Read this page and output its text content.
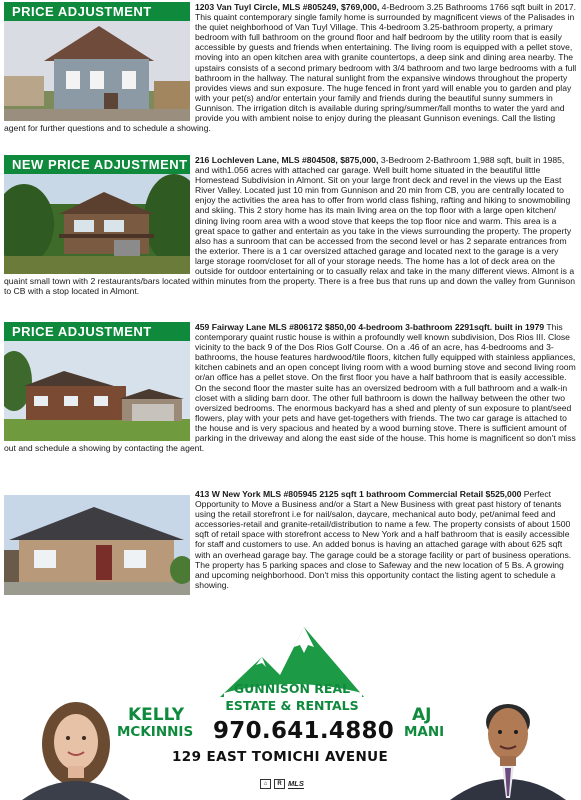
PRICE ADJUSTMENT	1203 Van Tuyl Circle, MLS #805249, $769,000, 4-Bedroom 3.25 Bathrooms 1766 sqft built in 2017. This quaint contemporary single family home is surrounded by magnificent views of the Palisades in the quiet neighborhood of Van Tuyl Village. This 4-bedroom 3.25-bathroom property, a primary bedroom with full bathroom on the ground floor and half bedroom by the utility room that is easily accessible by guests and friends when entertaining. The living room is equipped with a pellet stove, moving into an open kitchen area with granite countertops, a deep sink and dining area nearby. The upstairs consists of a second primary bedroom with 3/4 bathroom and two large bedrooms with a full bathroom in the hallway. The natural sunlight from the expansive windows throughout the property provides views and sun exposure. The huge fenced in front yard will enable you to garden and play with your pet(s) and/or entertain your family and friends during the beautiful sunny summers in Gunnison. The irrigation ditch is available during spring/summer/fall months to water the yard and provide you with ambient noise to enjoy during the pleasant Gunnison evenings. Call the listing agent for further questions and to schedule a showing.
NEW PRICE ADJUSTMENT 216 Lochleven Lane, MLS #804508, $875,000, 3-Bedroom 2-Bathroom 1,988 sqft, built in 1985, and with1.056 acres with attached car garage. Well built home situated in the beautiful little Homestead Subdivision in Almont. Sit on your large front deck and revel in the views up the East River Valley. Located just 10 min from Gunnison and 20 min from CB, you are centrally located to enjoy the activities the area has to offer from world class fishing, rafting and hiking to snowmobiling and skiing. This 2 story home has its main living area on the top floor with a large open kitchen/ dining living room area with a wood stove that keeps the top floor nice and warm. This area is a great space to gather and entertain as you take in the views surrounding the property. The property also has a sunroom that can be accessed from the second level or has 2 separate entrances from the exterior. There is a 1 car oversized attached garage and located next to the garage is a very large storage room/closet for all of your storage needs. The home has a lot of deck area on the outside for outdoor entertaining or to casually relax and take in the many different views. Almont is a quaint small town with 2 restaurants/bars located within minutes from the property. There is a free bus that runs up and down the valley from Gunnison to CB with a stop located in Almont.
PRICE ADJUSTMENT	459 Fairway Lane MLS #806172 $850,00 4-bedroom 3-bathroom 2291sqft. built in 1979 This contemporary quaint rustic house is within a profoundly well known subdivision, Dos Rios III. Close vicinity to the back 9 of the Dos Rios Golf Course. On a .46 of an acre, has 4-bedrooms and 3-bathrooms, the house features hardwood/tile floors, kitchen fully equipped with stainless appliances, kitchen cabinets and an open concept living room with a wood burning stove and second living room or/an office has a pellet stove. On the first floor you have a half bathroom that is easily accessible. On the second floor the master suite has an oversized bedroom with a full bathroom and a walk-in closet with a sliding barn door. The other full bathroom is down the hallway between the other two oversized bedrooms. The enormous backyard has a shed and plenty of sun exposure to plant/seed flowers, play with your pets and have get-togethers with friends. The two car garage is attached to the house and is very spacious and heated by a wood burning stove. There is sufficient amount of parking in the driveway and along the east side of the house. This home is magnificent so don't miss out and schedule a showing by contacting the agent.
413 W New York MLS #805945 2125 sqft 1 bathroom Commercial Retail $525,000 Perfect Opportunity to Move a Business and/or a Start a New Business with great past history of tenants using the retail storefront i.e for nail/salon, daycare, mechanical auto body, pet/animal feed and accessories-retail and granite-retail/distribution to name a few. The property consists of about 1500 sqft of retail space with storefront access to New York and a half bathroom that is easily accessible for staff and customers to use. An added bonus is having an attached garage with about 625 sqft with an overhead garage bay. The garage could be a storage facility or part of business operations. The property has 5 parking spaces and close to Safeway and the new location of 5 Bs. A growing and upcoming neighborhood. Don't miss this opportunity contact the listing agent to schedule a showing.
GUNNISON REAL
ESTATE & RENTALS
KELLY
MCKINNIS
AJ
MANI
970.641.4880
129 EAST TOMICHI AVENUE
⌂	R MLS
